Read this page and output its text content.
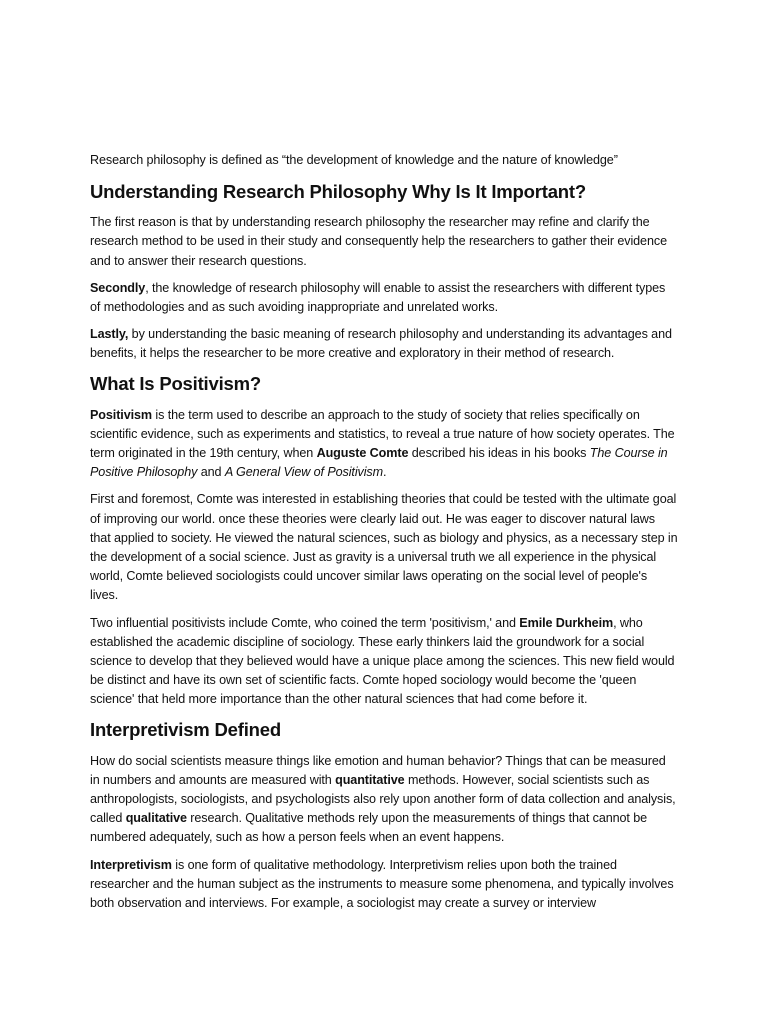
Research philosophy is defined as “the development of knowledge and the nature of knowledge”

Understanding Research Philosophy Why Is It Important?

The first reason is that by understanding research philosophy the researcher may refine and clarify the research method to be used in their study and consequently help the researchers to gather their evidence and to answer their research questions.

Secondly, the knowledge of research philosophy will enable to assist the researchers with different types of methodologies and as such avoiding inappropriate and unrelated works.

Lastly, by understanding the basic meaning of research philosophy and understanding its advantages and benefits, it helps the researcher to be more creative and exploratory in their method of research.

What Is Positivism?

Positivism is the term used to describe an approach to the study of society that relies specifically on scientific evidence, such as experiments and statistics, to reveal a true nature of how society operates. The term originated in the 19th century, when Auguste Comte described his ideas in his books The Course in Positive Philosophy and A General View of Positivism.

First and foremost, Comte was interested in establishing theories that could be tested with the ultimate goal of improving our world. once these theories were clearly laid out. He was eager to discover natural laws that applied to society. He viewed the natural sciences, such as biology and physics, as a necessary step in the development of a social science. Just as gravity is a universal truth we all experience in the physical world, Comte believed sociologists could uncover similar laws operating on the social level of people's lives.

Two influential positivists include Comte, who coined the term 'positivism,' and Emile Durkheim, who established the academic discipline of sociology. These early thinkers laid the groundwork for a social science to develop that they believed would have a unique place among the sciences. This new field would be distinct and have its own set of scientific facts. Comte hoped sociology would become the 'queen science' that held more importance than the other natural sciences that had come before it.

Interpretivism Defined

How do social scientists measure things like emotion and human behavior? Things that can be measured in numbers and amounts are measured with quantitative methods. However, social scientists such as anthropologists, sociologists, and psychologists also rely upon another form of data collection and analysis, called qualitative research. Qualitative methods rely upon the measurements of things that cannot be numbered adequately, such as how a person feels when an event happens.

Interpretivism is one form of qualitative methodology. Interpretivism relies upon both the trained researcher and the human subject as the instruments to measure some phenomena, and typically involves both observation and interviews. For example, a sociologist may create a survey or interview
